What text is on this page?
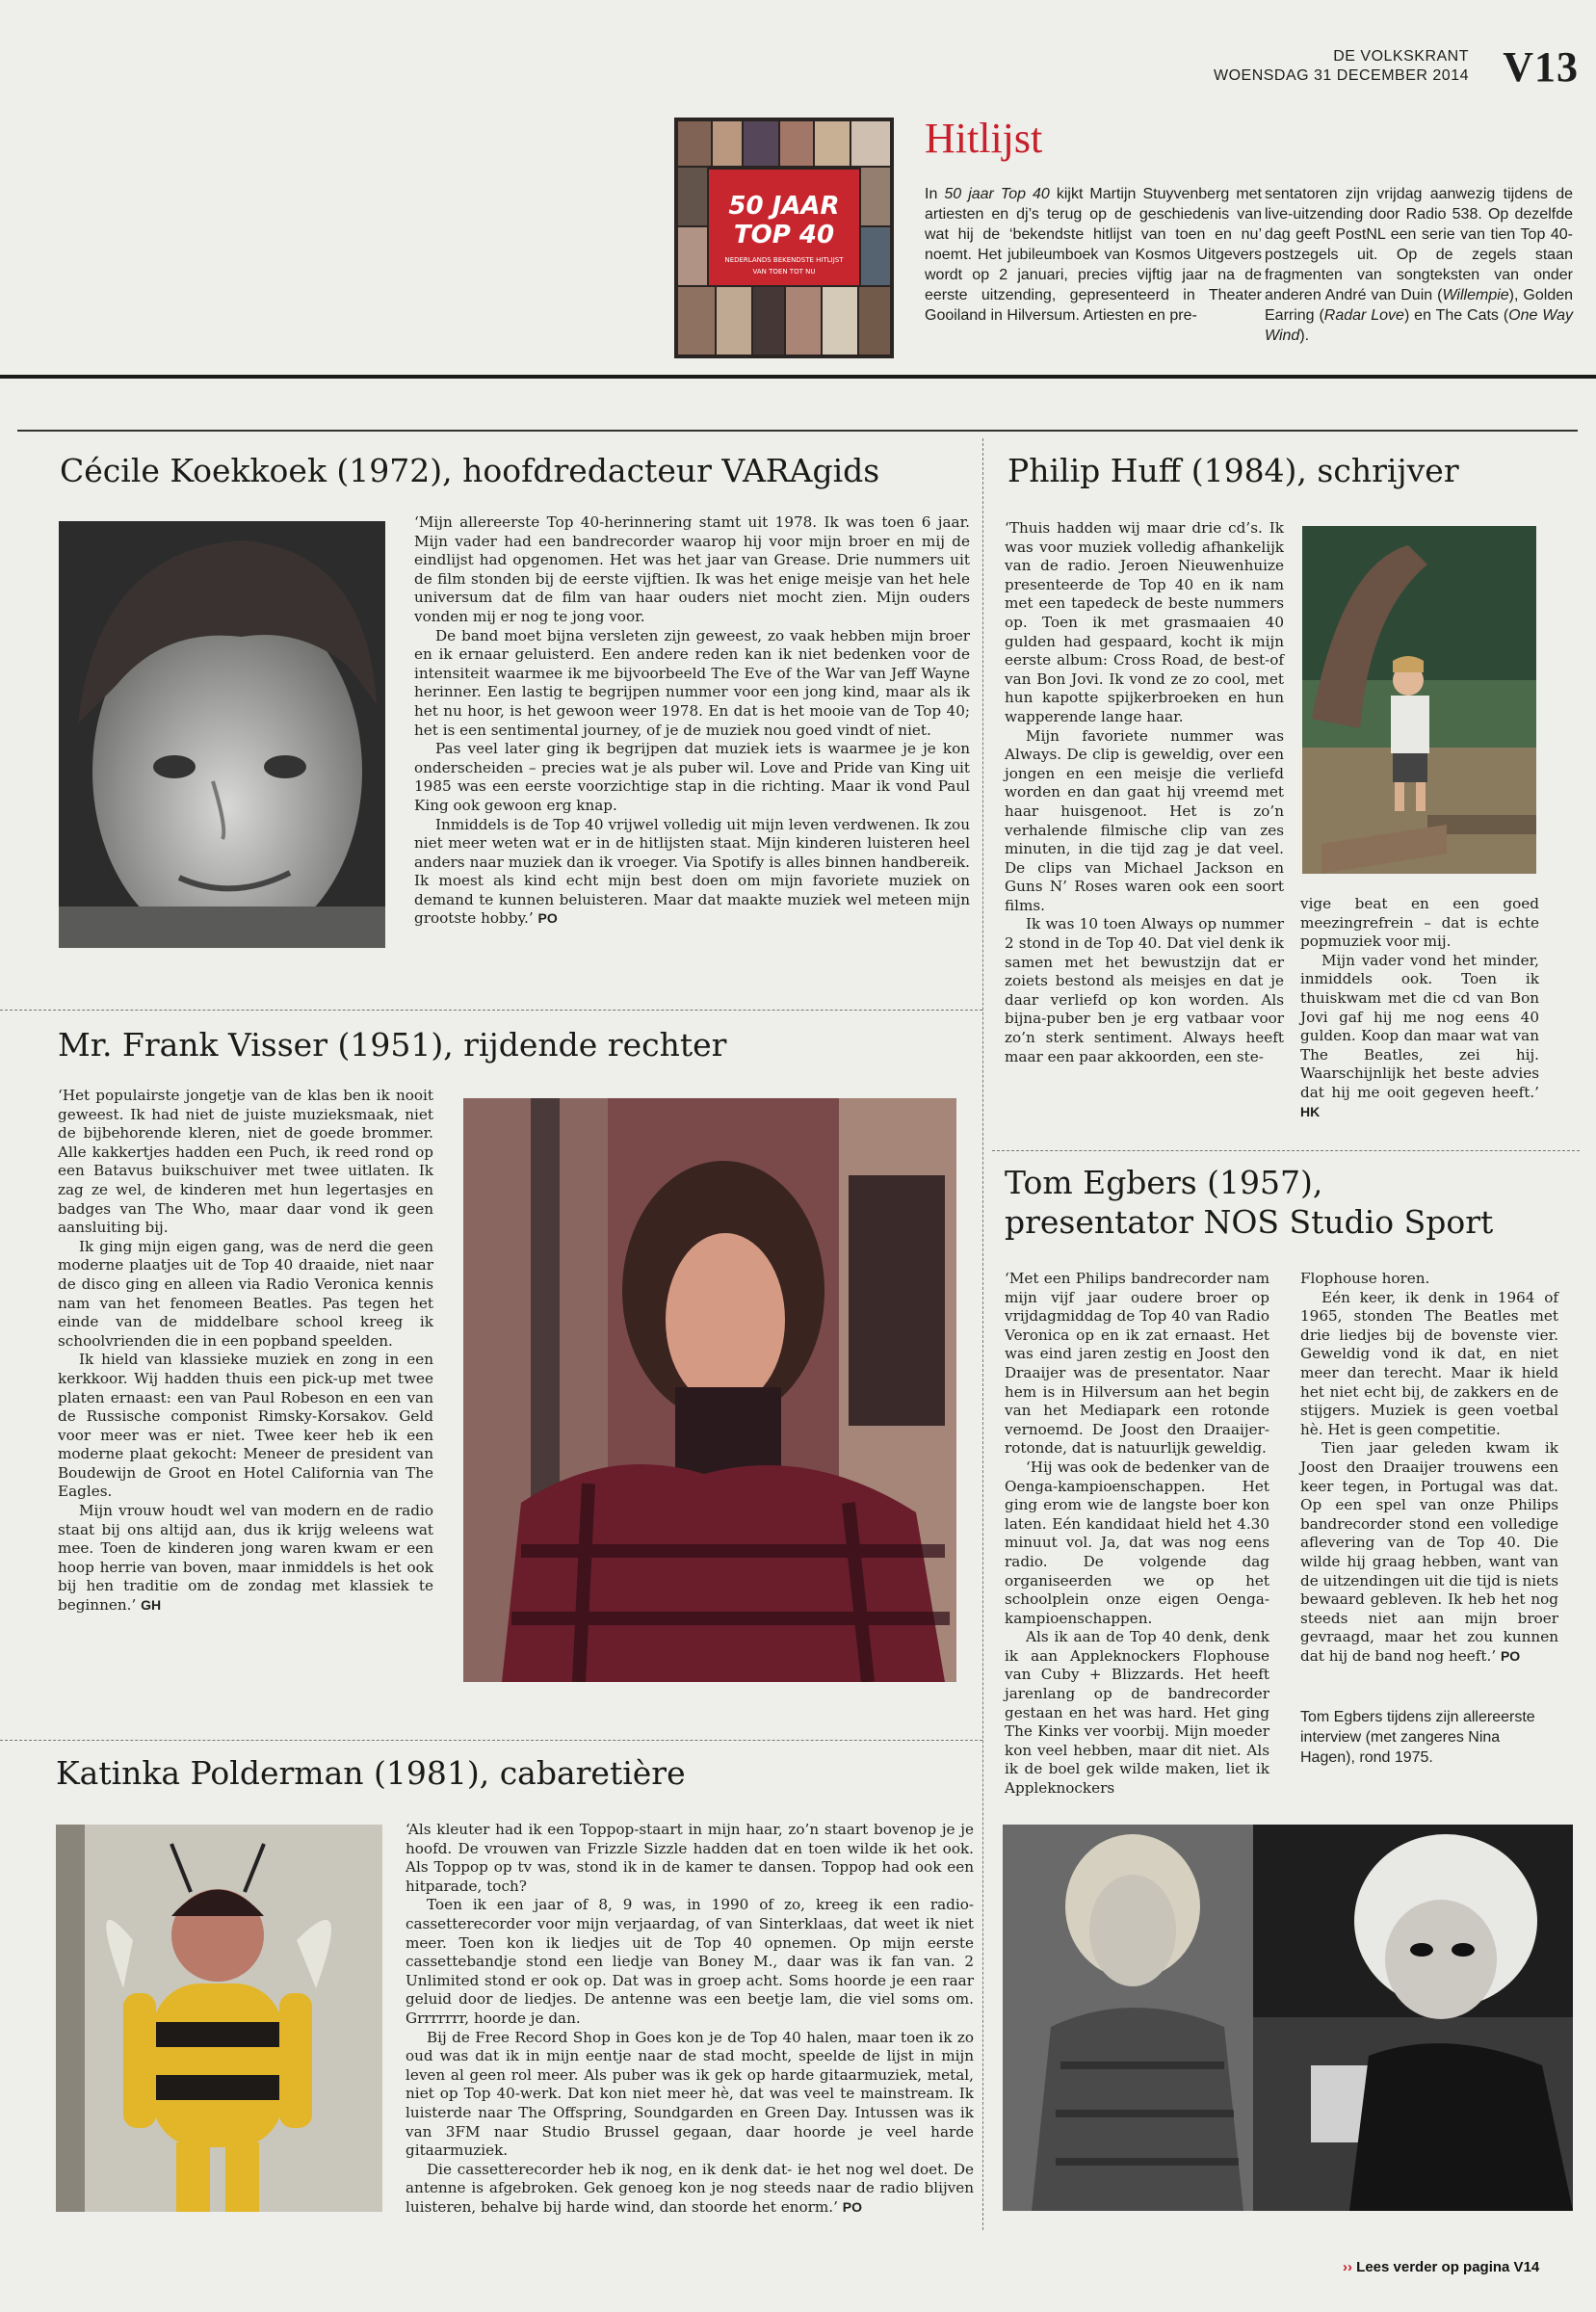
DE VOLKSKRANT
WOENSDAG 31 DECEMBER 2014 V13
50 JAAR
TOP 40
NEDERLANDS BEKENDSTE HITLIJST
VAN TOEN TOT NU
Hitlijst

In 50 jaar Top 40 kijkt Martijn Stuyvenberg met artiesten en dj’s terug op de geschiedenis van wat hij de ‘bekendste hitlijst van toen en nu’ noemt. Het jubileumboek van Kosmos Uitgevers wordt op 2 januari, precies vijftig jaar na de eerste uitzending, gepresenteerd in Theater Gooiland in Hilversum. Artiesten en pre-

sentatoren zijn vrijdag aanwezig tijdens de live-uitzending door Radio 538. Op dezelfde dag geeft PostNL een serie van tien Top 40-postzegels uit. Op de zegels staan fragmenten van songteksten van onder anderen André van Duin (Willempie), Golden Earring (Radar Love) en The Cats (One Way Wind).

Cécile Koekkoek (1972), hoofdredacteur VARAgids

‘Mijn allereerste Top 40-herinnering stamt uit 1978. Ik was toen 6 jaar. Mijn vader had een bandrecorder waarop hij voor mijn broer en mij de eindlijst had opgenomen. Het was het jaar van Grease. Drie nummers uit de film stonden bij de eerste vijftien. Ik was het enige meisje van het hele universum dat de film van haar ouders niet mocht zien. Mijn ouders vonden mij er nog te jong voor.

De band moet bijna versleten zijn geweest, zo vaak hebben mijn broer en ik ernaar geluisterd. Een andere reden kan ik niet bedenken voor de intensiteit waarmee ik me bijvoorbeeld The Eve of the War van Jeff Wayne herinner. Een lastig te begrijpen nummer voor een jong kind, maar als ik het nu hoor, is het gewoon weer 1978. En dat is het mooie van de Top 40; het is een sentimental journey, of je de muziek nou goed vindt of niet.

Pas veel later ging ik begrijpen dat muziek iets is waarmee je je kon onderscheiden – precies wat je als puber wil. Love and Pride van King uit 1985 was een eerste voorzichtige stap in die richting. Maar ik vond Paul King ook gewoon erg knap.

Inmiddels is de Top 40 vrijwel volledig uit mijn leven verdwenen. Ik zou niet meer weten wat er in de hitlijsten staat. Mijn kinderen luisteren heel anders naar muziek dan ik vroeger. Via Spotify is alles binnen handbereik. Ik moest als kind echt mijn best doen om mijn favoriete muziek on demand te kunnen beluisteren. Maar dat maakte muziek wel meteen mijn grootste hobby.’ PO

Mr. Frank Visser (1951), rijdende rechter

‘Het populairste jongetje van de klas ben ik nooit geweest. Ik had niet de juiste muzieksmaak, niet de bijbehorende kleren, niet de goede brommer. Alle kakkertjes hadden een Puch, ik reed rond op een Batavus buikschuiver met twee uitlaten. Ik zag ze wel, de kinderen met hun legertasjes en badges van The Who, maar daar vond ik geen aansluiting bij.

Ik ging mijn eigen gang, was de nerd die geen moderne plaatjes uit de Top 40 draaide, niet naar de disco ging en alleen via Radio Veronica kennis nam van het fenomeen Beatles. Pas tegen het einde van de middelbare school kreeg ik schoolvrienden die in een popband speelden.

Ik hield van klassieke muziek en zong in een kerkkoor. Wij hadden thuis een pick-up met twee platen ernaast: een van Paul Robeson en een van de Russische componist Rimsky-Korsakov. Geld voor meer was er niet. Twee keer heb ik een moderne plaat gekocht: Meneer de president van Boudewijn de Groot en Hotel California van The Eagles.

Mijn vrouw houdt wel van modern en de radio staat bij ons altijd aan, dus ik krijg weleens wat mee. Toen de kinderen jong waren kwam er een hoop herrie van boven, maar inmiddels is het ook bij hen traditie om de zondag met klassiek te beginnen.’ GH

Katinka Polderman (1981), cabaretière

‘Als kleuter had ik een Toppop-staart in mijn haar, zo’n staart bovenop je je hoofd. De vrouwen van Frizzle Sizzle hadden dat en toen wilde ik het ook. Als Toppop op tv was, stond ik in de kamer te dansen. Toppop had ook een hitparade, toch?

Toen ik een jaar of 8, 9 was, in 1990 of zo, kreeg ik een radio-cassetterecorder voor mijn verjaardag, of van Sinterklaas, dat weet ik niet meer. Toen kon ik liedjes uit de Top 40 opnemen. Op mijn eerste cassettebandje stond een liedje van Boney M., daar was ik fan van. 2 Unlimited stond er ook op. Dat was in groep acht. Soms hoorde je een raar geluid door de liedjes. De antenne was een beetje lam, die viel soms om. Grrrrrrr, hoorde je dan.

Bij de Free Record Shop in Goes kon je de Top 40 halen, maar toen ik zo oud was dat ik in mijn eentje naar de stad mocht, speelde de lijst in mijn leven al geen rol meer. Als puber was ik gek op harde gitaarmuziek, metal, niet op Top 40-werk. Dat kon niet meer hè, dat was veel te mainstream. Ik luisterde naar The Offspring, Soundgarden en Green Day. Intussen was ik van 3FM naar Studio Brussel gegaan, daar hoorde je veel harde gitaarmuziek.

Die cassetterecorder heb ik nog, en ik denk dat- ie het nog wel doet. De antenne is afgebroken. Gek genoeg kon je nog steeds naar de radio blijven luisteren, behalve bij harde wind, dan stoorde het enorm.’ PO

Philip Huff (1984), schrijver

‘Thuis hadden wij maar drie cd’s. Ik was voor muziek volledig afhankelijk van de radio. Jeroen Nieuwenhuize presenteerde de Top 40 en ik nam met een tapedeck de beste nummers op. Toen ik met grasmaaien 40 gulden had gespaard, kocht ik mijn eerste album: Cross Road, de best-of van Bon Jovi. Ik vond ze zo cool, met hun kapotte spijkerbroeken en hun wapperende lange haar.

Mijn favoriete nummer was Always. De clip is geweldig, over een jongen en een meisje die verliefd worden en dan gaat hij vreemd met haar huisgenoot. Het is zo’n verhalende filmische clip van zes minuten, in die tijd zag je dat veel. De clips van Michael Jackson en Guns N’ Roses waren ook een soort films.

Ik was 10 toen Always op nummer 2 stond in de Top 40. Dat viel denk ik samen met het bewustzijn dat er zoiets bestond als meisjes en dat je daar verliefd op kon worden. Als bijna-puber ben je erg vatbaar voor zo’n sterk sentiment. Always heeft maar een paar akkoorden, een ste-

vige beat en een goed meezingrefrein – dat is echte popmuziek voor mij.

Mijn vader vond het minder, inmiddels ook. Toen ik thuiskwam met die cd van Bon Jovi gaf hij me nog eens 40 gulden. Koop dan maar wat van The Beatles, zei hij. Waarschijnlijk het beste advies dat hij me ooit gegeven heeft.’ HK

Tom Egbers (1957),
presentator NOS Studio Sport

‘Met een Philips bandrecorder nam mijn vijf jaar oudere broer op vrijdagmiddag de Top 40 van Radio Veronica op en ik zat ernaast. Het was eind jaren zestig en Joost den Draaijer was de presentator. Naar hem is in Hilversum aan het begin van het Mediapark een rotonde vernoemd. De Joost den Draaijer-rotonde, dat is natuurlijk geweldig.

‘Hij was ook de bedenker van de Oenga-kampioenschappen. Het ging erom wie de langste boer kon laten. Eén kandidaat hield het 4.30 minuut vol. Ja, dat was nog eens radio. De volgende dag organiseerden we op het schoolplein onze eigen Oenga-kampioenschappen.

Als ik aan de Top 40 denk, denk ik aan Appleknockers Flophouse van Cuby + Blizzards. Het heeft jarenlang op de bandrecorder gestaan en het was hard. Het ging The Kinks ver voorbij. Mijn moeder kon veel hebben, maar dit niet. Als ik de boel gek wilde maken, liet ik Appleknockers

Flophouse horen.

Eén keer, ik denk in 1964 of 1965, stonden The Beatles met drie liedjes bij de bovenste vier. Geweldig vond ik dat, en niet meer dan terecht. Maar ik hield het niet echt bij, de zakkers en de stijgers. Muziek is geen voetbal hè. Het is geen competitie.

Tien jaar geleden kwam ik Joost den Draaijer trouwens een keer tegen, in Portugal was dat. Op een spel van onze Philips bandrecorder stond een volledige aflevering van de Top 40. Die wilde hij graag hebben, want van de uitzendingen uit die tijd is niets bewaard gebleven. Ik heb het nog steeds niet aan mijn broer gevraagd, maar het zou kunnen dat hij de band nog heeft.’ PO

Tom Egbers tijdens zijn allereerste interview (met zangeres Nina Hagen), rond 1975.
›› Lees verder op pagina V14
